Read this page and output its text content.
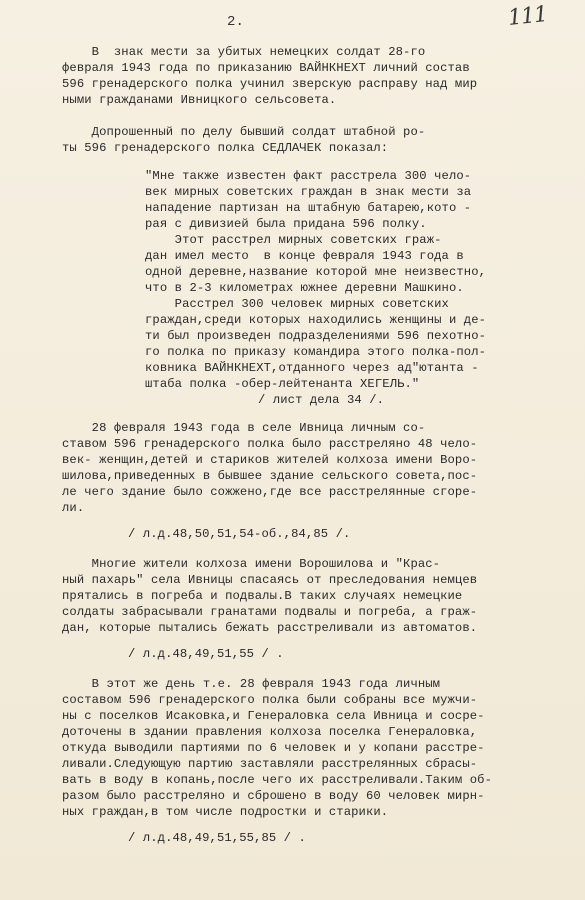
2.	111
В  знак мести за убитых немецких солдат 28-го
февраля 1943 года по приказанию ВАЙНКНЕХТ личний состав
596 гренадерского полка учинил зверскую расправу над мир
ными гражданами Ивницкого сельсовета.
Допрошенный по делу бывший солдат штабной ро-
ты 596 гренадерского полка СЕДЛАЧЕК показал:
"Мне также известен факт расстрела 300 чело-
век мирных советских граждан в знак мести за
нападение партизан на штабную батарею,кото -
рая с дивизией была придана 596 полку.
Этот расстрел мирных советских граж-
дан имел место  в конце февраля 1943 года в
одной деревне,название которой мне неизвестно,
что в 2-3 километрах южнее деревни Машкино.
Расстрел 300 человек мирных советских
граждан,среди которых находились женщины и де-
ти был произведен подразделениями 596 пехотно-
го полка по приказу командира этого полка-пол-
ковника ВАЙНКНЕХТ,отданного через ад"ютанта -
штаба полка -обер-лейтенанта ХЕГЕЛЬ."
/ лист дела 34 /.
28 февраля 1943 года в селе Ивница личным со-
ставом 596 гренадерского полка было расстреляно 48 чело-
век- женщин,детей и стариков жителей колхоза имени Воро-
шилова,приведенных в бывшее здание сельского совета,пос-
ле чего здание было сожжено,где все расстрелянные сгоре-
ли.
/ л.д.48,50,51,54-об.,84,85 /.
Многие жители колхоза имени Ворошилова и "Крас-
ный пахарь" села Ивницы спасаясь от преследования немцев
прятались в погреба и подвалы.В таких случаях немецкие
солдаты забрасывали гранатами подвалы и погреба, а граж-
дан, которые пытались бежать расстреливали из автоматов.
/ л.д.48,49,51,55 / .
В этот же день т.е. 28 февраля 1943 года личным
составом 596 гренадерского полка были собраны все мужчи-
ны с поселков Исаковка,и Генераловка села Ивница и сосре-
доточены в здании правления колхоза поселка Генераловка,
откуда выводили партиями по 6 человек и у копани расстре-
ливали.Следующую партию заставляли расстрелянных сбрасы-
вать в воду в копань,после чего их расстреливали.Таким об-
разом было расстреляно и сброшено в воду 60 человек мирн-
ных граждан,в том числе подростки и старики.
/ л.д.48,49,51,55,85 / .
